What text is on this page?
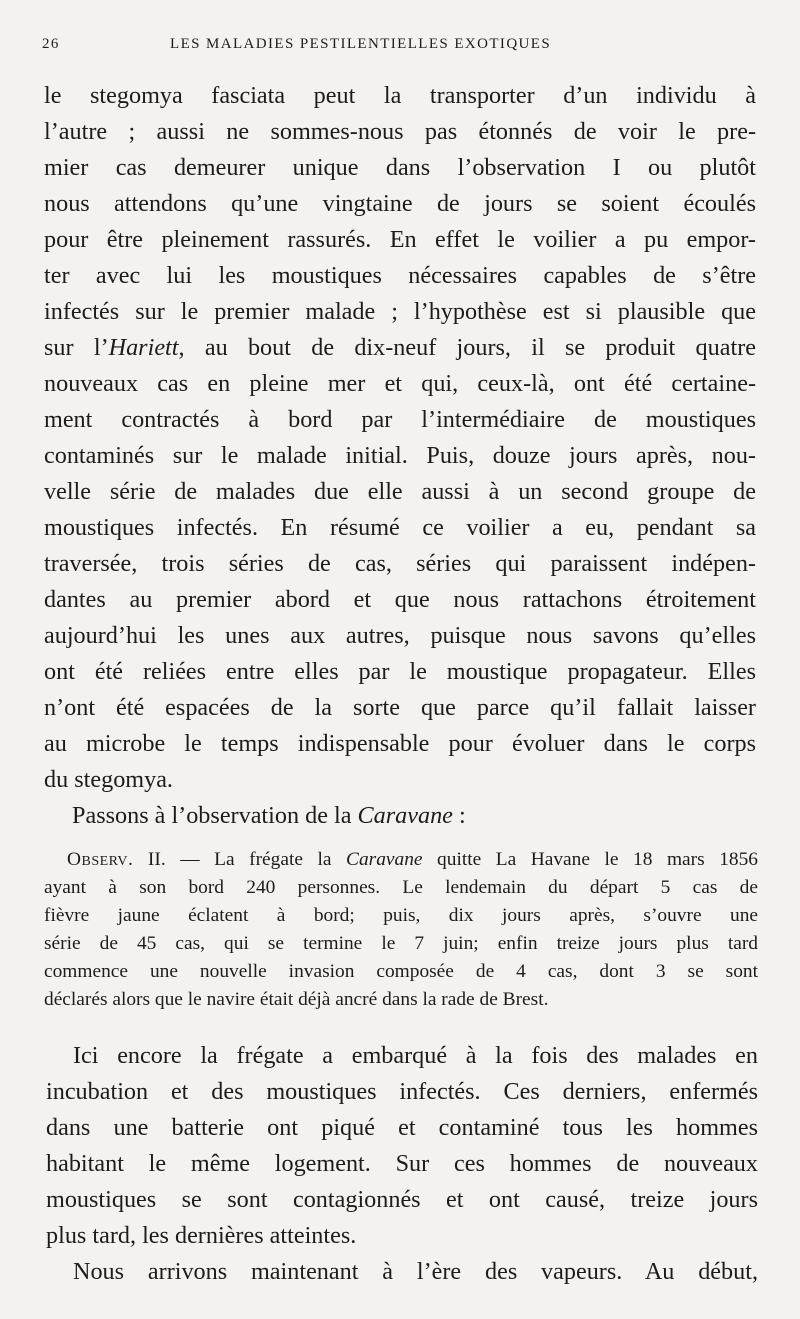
26	LES MALADIES PESTILENTIELLES EXOTIQUES
le stegomya fasciata peut la transporter d’un individu à
l’autre ; aussi ne sommes-nous pas étonnés de voir le pre-
mier cas demeurer unique dans l’observation I ou plutôt
nous attendons qu’une vingtaine de jours se soient écoulés
pour être pleinement rassurés. En effet le voilier a pu empor-
ter avec lui les moustiques nécessaires capables de s’être
infectés sur le premier malade ; l’hypothèse est si plausible que
sur l’Hariett, au bout de dix-neuf jours, il se produit quatre
nouveaux cas en pleine mer et qui, ceux-là, ont été certaine-
ment contractés à bord par l’intermédiaire de moustiques
contaminés sur le malade initial. Puis, douze jours après, nou-
velle série de malades due elle aussi à un second groupe de
moustiques infectés. En résumé ce voilier a eu, pendant sa
traversée, trois séries de cas, séries qui paraissent indépen-
dantes au premier abord et que nous rattachons étroitement
aujourd’hui les unes aux autres, puisque nous savons qu’elles
ont été reliées entre elles par le moustique propagateur. Elles
n’ont été espacées de la sorte que parce qu’il fallait laisser
au microbe le temps indispensable pour évoluer dans le corps
du stegomya.
Passons à l’observation de la Caravane :
Observ. II. — La frégate la Caravane quitte La Havane le 18 mars 1856
ayant à son bord 240 personnes. Le lendemain du départ 5 cas de
fièvre jaune éclatent à bord; puis, dix jours après, s’ouvre une
série de 45 cas, qui se termine le 7 juin; enfin treize jours plus tard
commence une nouvelle invasion composée de 4 cas, dont 3 se sont
déclarés alors que le navire était déjà ancré dans la rade de Brest.
Ici encore la frégate a embarqué à la fois des malades en
incubation et des moustiques infectés. Ces derniers, enfermés
dans une batterie ont piqué et contaminé tous les hommes
habitant le même logement. Sur ces hommes de nouveaux
moustiques se sont contagionnés et ont causé, treize jours
plus tard, les dernières atteintes.
Nous arrivons maintenant à l’ère des vapeurs. Au début,
